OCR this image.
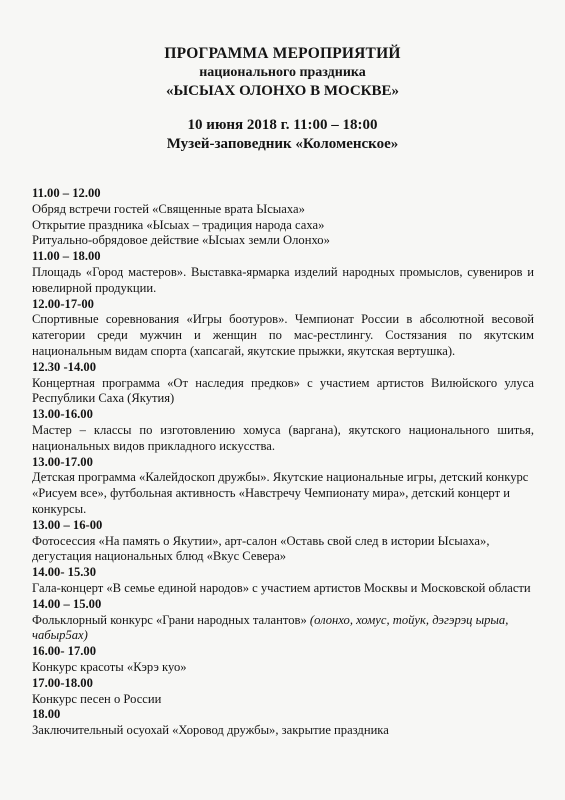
ПРОГРАММА МЕРОПРИЯТИЙ
национального праздника
«ЫСЫАХ ОЛОНХО В МОСКВЕ»
10 июня 2018 г. 11:00 – 18:00
Музей-заповедник «Коломенское»
11.00 – 12.00
Обряд встречи гостей «Священные врата Ысыаха»
Открытие праздника «Ысыах – традиция народа саха»
Ритуально-обрядовое действие «Ысыах земли Олонхо»
11.00 – 18.00
Площадь «Город мастеров». Выставка-ярмарка изделий народных промыслов, сувениров и ювелирной продукции.
12.00-17-00
Спортивные соревнования «Игры боотуров». Чемпионат России в абсолютной весовой категории среди мужчин и женщин по мас-рестлингу. Состязания по якутским национальным видам спорта (хапсагай, якутские прыжки, якутская вертушка).
12.30 -14.00
Концертная программа «От наследия предков» с участием артистов Вилюйского улуса Республики Саха (Якутия)
13.00-16.00
Мастер – классы по изготовлению хомуса (варгана), якутского национального шитья, национальных видов прикладного искусства.
13.00-17.00
Детская программа «Калейдоскоп дружбы». Якутские национальные игры, детский конкурс «Рисуем все», футбольная активность «Навстречу Чемпионату мира», детский концерт и конкурсы.
13.00 – 16-00
Фотосессия «На память о Якутии», арт-салон «Оставь свой след в истории Ысыаха», дегустация национальных блюд «Вкус Севера»
14.00- 15.30
Гала-концерт «В семье единой народов» с участием артистов Москвы и Московской области
14.00 – 15.00
Фольклорный конкурс «Грани народных талантов» (олонхо, хомус, тойук, дэгэрэц ырыа, чабыр5ах)
16.00- 17.00
Конкурс красоты «Кэрэ куо»
17.00-18.00
Конкурс песен о России
18.00
Заключительный осуохай «Хоровод дружбы», закрытие праздника
